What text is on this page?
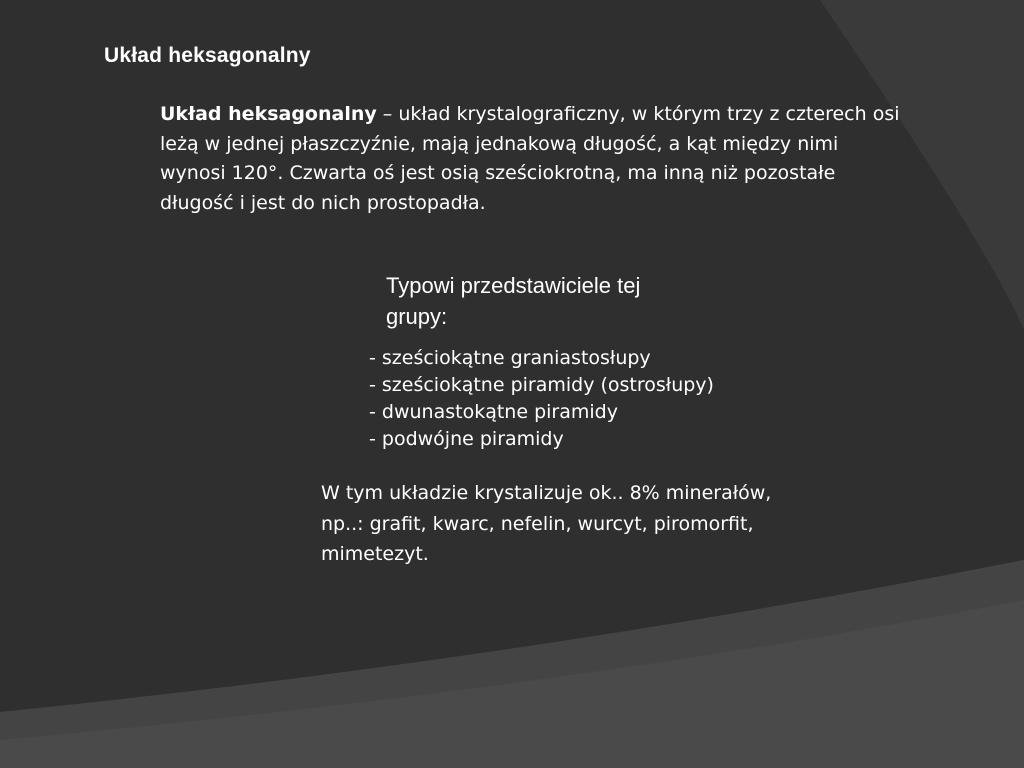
Układ heksagonalny

Układ heksagonalny – układ krystalograficzny, w którym trzy z czterech osi leżą w jednej płaszczyźnie, mają jednakową długość, a kąt między nimi wynosi 120°. Czwarta oś jest osią sześciokrotną, ma inną niż pozostałe długość i jest do nich prostopadła.

Typowi przedstawiciele tej grupy:

- sześciokątne graniastosłupy
- sześciokątne piramidy (ostrosłupy)
- dwunastokątne piramidy
- podwójne piramidy

W tym układzie krystalizuje ok.. 8% minerałów, np..: grafit, kwarc, nefelin, wurcyt, piromorfit, mimetezyt.
